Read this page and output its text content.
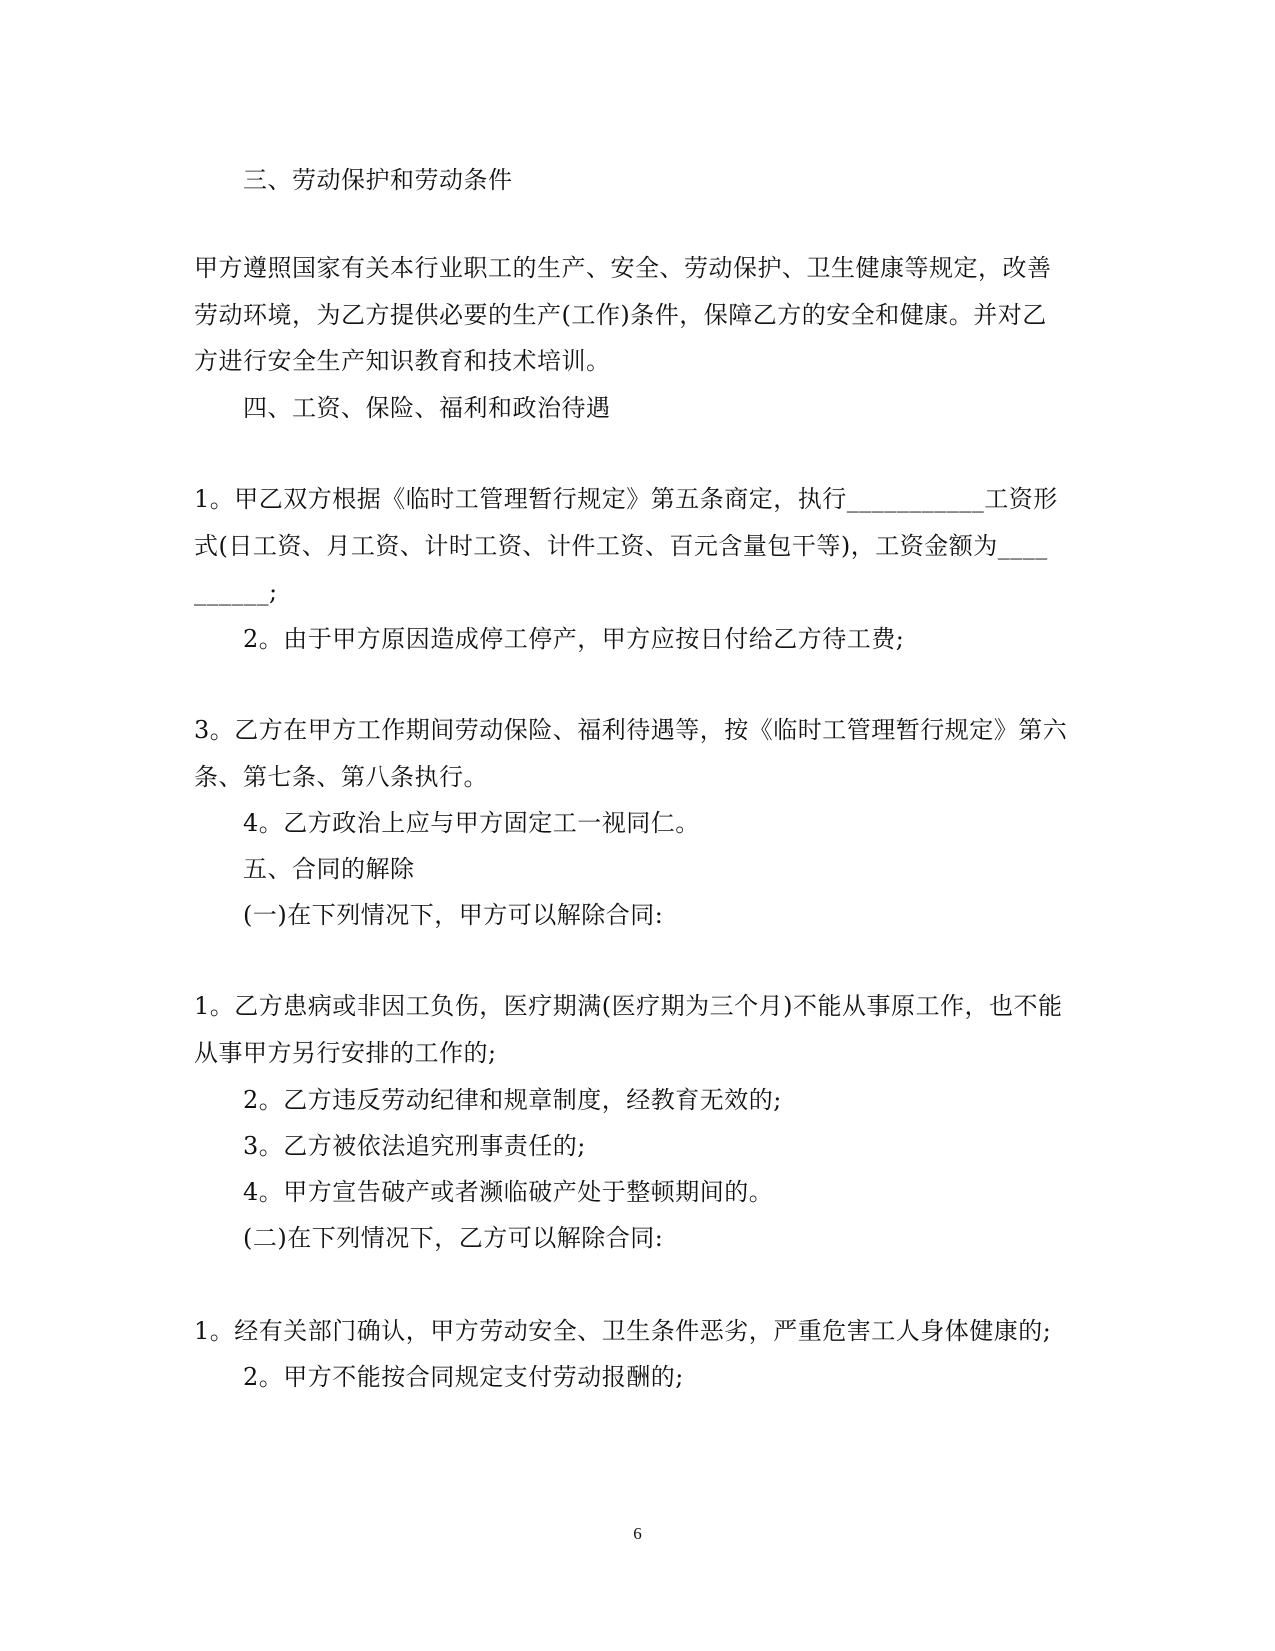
三、劳动保护和劳动条件
甲方遵照国家有关本行业职工的生产、安全、劳动保护、卫生健康等规定，改善
劳动环境，为乙方提供必要的生产(工作)条件，保障乙方的安全和健康。并对乙
方进行安全生产知识教育和技术培训。
四、工资、保险、福利和政治待遇
1。甲乙双方根据《临时工管理暂行规定》第五条商定，执行___________工资形
式(日工资、月工资、计时工资、计件工资、百元含量包干等)，工资金额为____
______;
2。由于甲方原因造成停工停产，甲方应按日付给乙方待工费;
3。乙方在甲方工作期间劳动保险、福利待遇等，按《临时工管理暂行规定》第六
条、第七条、第八条执行。
4。乙方政治上应与甲方固定工一视同仁。
五、合同的解除
(一)在下列情况下，甲方可以解除合同:
1。乙方患病或非因工负伤，医疗期满(医疗期为三个月)不能从事原工作，也不能
从事甲方另行安排的工作的;
2。乙方违反劳动纪律和规章制度，经教育无效的;
3。乙方被依法追究刑事责任的;
4。甲方宣告破产或者濒临破产处于整顿期间的。
(二)在下列情况下，乙方可以解除合同:
1。经有关部门确认，甲方劳动安全、卫生条件恶劣，严重危害工人身体健康的;
2。甲方不能按合同规定支付劳动报酬的;
6
